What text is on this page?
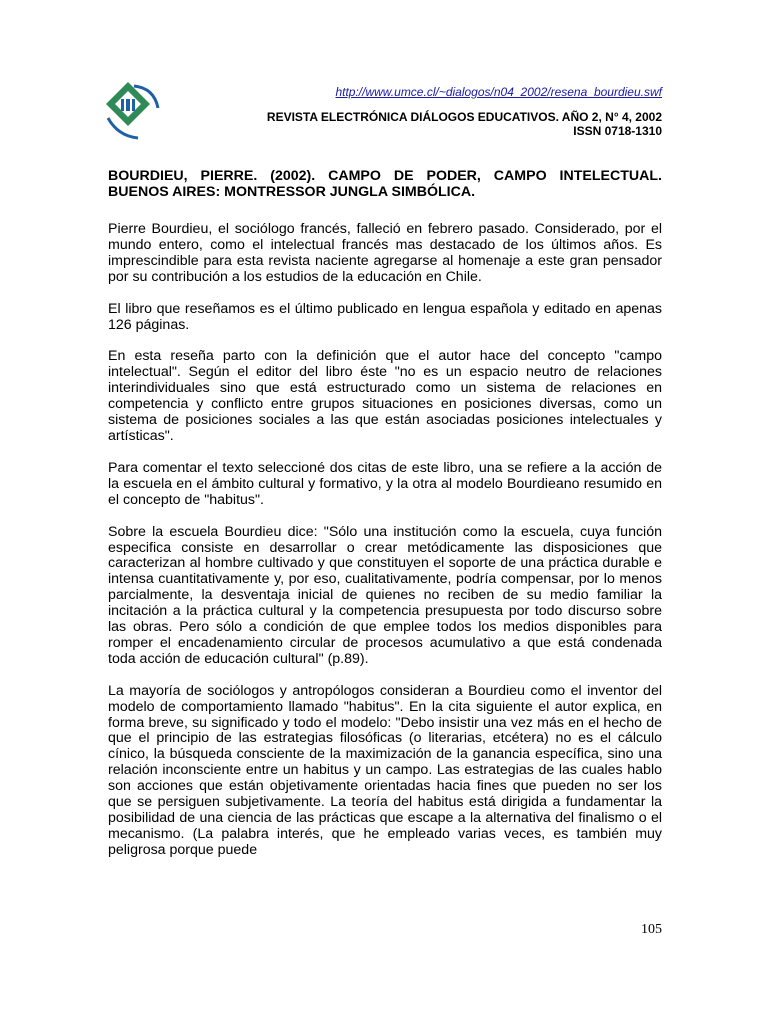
http://www.umce.cl/~dialogos/n04_2002/resena_bourdieu.swf
REVISTA ELECTRÓNICA DIÁLOGOS EDUCATIVOS. AÑO 2, N° 4, 2002
ISSN 0718-1310
BOURDIEU, PIERRE. (2002). CAMPO DE PODER, CAMPO INTELECTUAL. BUENOS AIRES: MONTRESSOR JUNGLA SIMBÓLICA.

Pierre Bourdieu, el sociólogo francés, falleció en febrero pasado. Considerado, por el mundo entero, como el intelectual francés mas destacado de los últimos años. Es imprescindible para esta revista naciente agregarse al homenaje a este gran pensador por su contribución a los estudios de la educación en Chile.

El libro que reseñamos es el último publicado en lengua española y editado en apenas 126 páginas.

En esta reseña parto con la definición que el autor hace del concepto "campo intelectual". Según el editor del libro éste "no es un espacio neutro de relaciones interindividuales sino que está estructurado como un sistema de relaciones en competencia y conflicto entre grupos situaciones en posiciones diversas, como un sistema de posiciones sociales a las que están asociadas posiciones intelectuales y artísticas".

Para comentar el texto seleccioné dos citas de este libro, una se refiere a la acción de la escuela en el ámbito cultural y formativo, y la otra al modelo Bourdieano resumido en el concepto de "habitus".

Sobre la escuela Bourdieu dice: "Sólo una institución como la escuela, cuya función especifica consiste en desarrollar o crear metódicamente las disposiciones que caracterizan al hombre cultivado y que constituyen el soporte de una práctica durable e intensa cuantitativamente y, por eso, cualitativamente, podría compensar, por lo menos parcialmente, la desventaja inicial de quienes no reciben de su medio familiar la incitación a la práctica cultural y la competencia presupuesta por todo discurso sobre las obras. Pero sólo a condición de que emplee todos los medios disponibles para romper el encadenamiento circular de procesos acumulativo a que está condenada toda acción de educación cultural" (p.89).

La mayoría de sociólogos y antropólogos consideran a Bourdieu como el inventor del modelo de comportamiento llamado "habitus". En la cita siguiente el autor explica, en forma breve, su significado y todo el modelo: "Debo insistir una vez más en el hecho de que el principio de las estrategias filosóficas (o literarias, etcétera) no es el cálculo cínico, la búsqueda consciente de la maximización de la ganancia específica, sino una relación inconsciente entre un habitus y un campo. Las estrategias de las cuales hablo son acciones que están objetivamente orientadas hacia fines que pueden no ser los que se persiguen subjetivamente. La teoría del habitus está dirigida a fundamentar la posibilidad de una ciencia de las prácticas que escape a la alternativa del finalismo o el mecanismo. (La palabra interés, que he empleado varias veces, es también muy peligrosa porque puede

105
